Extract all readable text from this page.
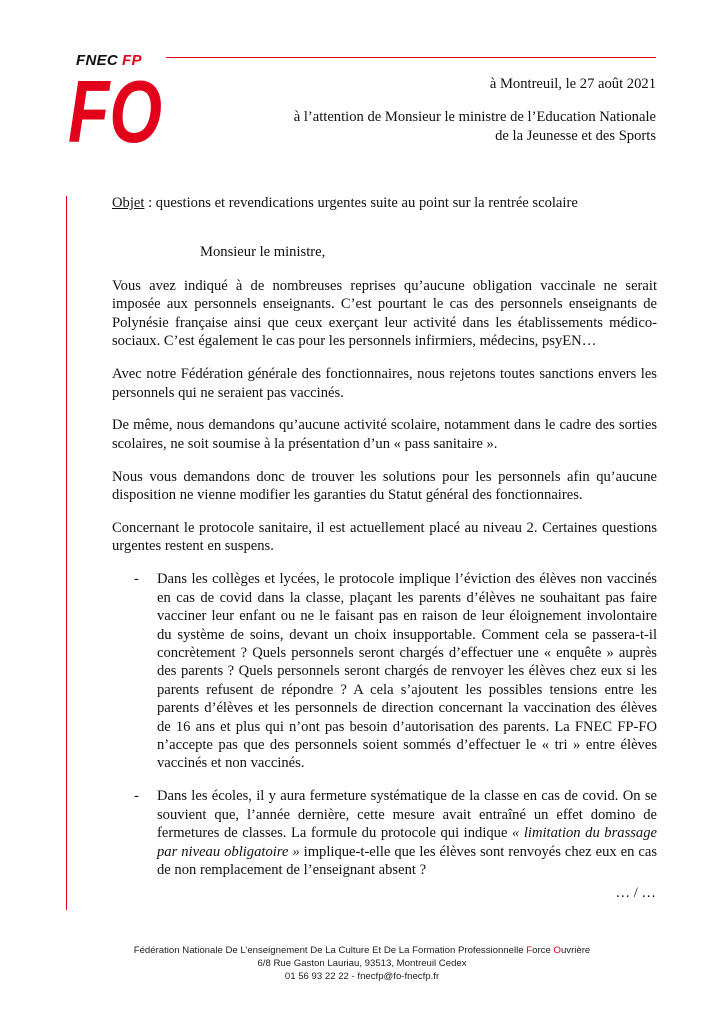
FNEC FP
FO	à Montreuil, le 27 août 2021
à l’attention de Monsieur le ministre de l’Education Nationale
de la Jeunesse et des Sports
Objet : questions et revendications urgentes suite au point sur la rentrée scolaire
Monsieur le ministre,

Vous avez indiqué à de nombreuses reprises qu’aucune obligation vaccinale ne serait imposée aux personnels enseignants. C’est pourtant le cas des personnels enseignants de Polynésie française ainsi que ceux exerçant leur activité dans les établissements médico-sociaux. C’est également le cas pour les personnels infirmiers, médecins, psyEN…

Avec notre Fédération générale des fonctionnaires, nous rejetons toutes sanctions envers les personnels qui ne seraient pas vaccinés.

De même, nous demandons qu’aucune activité scolaire, notamment dans le cadre des sorties scolaires, ne soit soumise à la présentation d’un « pass sanitaire ».

Nous vous demandons donc de trouver les solutions pour les personnels afin qu’aucune disposition ne vienne modifier les garanties du Statut général des fonctionnaires.

Concernant le protocole sanitaire, il est actuellement placé au niveau 2. Certaines questions urgentes restent en suspens.

- Dans les collèges et lycées, le protocole implique l’éviction des élèves non vaccinés en cas de covid dans la classe, plaçant les parents d’élèves ne souhaitant pas faire vacciner leur enfant ou ne le faisant pas en raison de leur éloignement involontaire du système de soins, devant un choix insupportable. Comment cela se passera-t-il concrètement ? Quels personnels seront chargés d’effectuer une « enquête » auprès des parents ? Quels personnels seront chargés de renvoyer les élèves chez eux si les parents refusent de répondre ? A cela s’ajoutent les possibles tensions entre les parents d’élèves et les personnels de direction concernant la vaccination des élèves de 16 ans et plus qui n’ont pas besoin d’autorisation des parents. La FNEC FP-FO n’accepte pas que des personnels soient sommés d’effectuer le « tri » entre élèves vaccinés et non vaccinés.
- Dans les écoles, il y aura fermeture systématique de la classe en cas de covid. On se souvient que, l’année dernière, cette mesure avait entraîné un effet domino de fermetures de classes. La formule du protocole qui indique « limitation du brassage par niveau obligatoire » implique-t-elle que les élèves sont renvoyés chez eux en cas de non remplacement de l’enseignant absent ?
… / …
Fédération Nationale De L’enseignement De La Culture Et De La Formation Professionnelle Force Ouvrière
6/8 Rue Gaston Lauriau, 93513, Montreuil Cedex
01 56 93 22 22 - fnecfp@fo-fnecfp.fr
